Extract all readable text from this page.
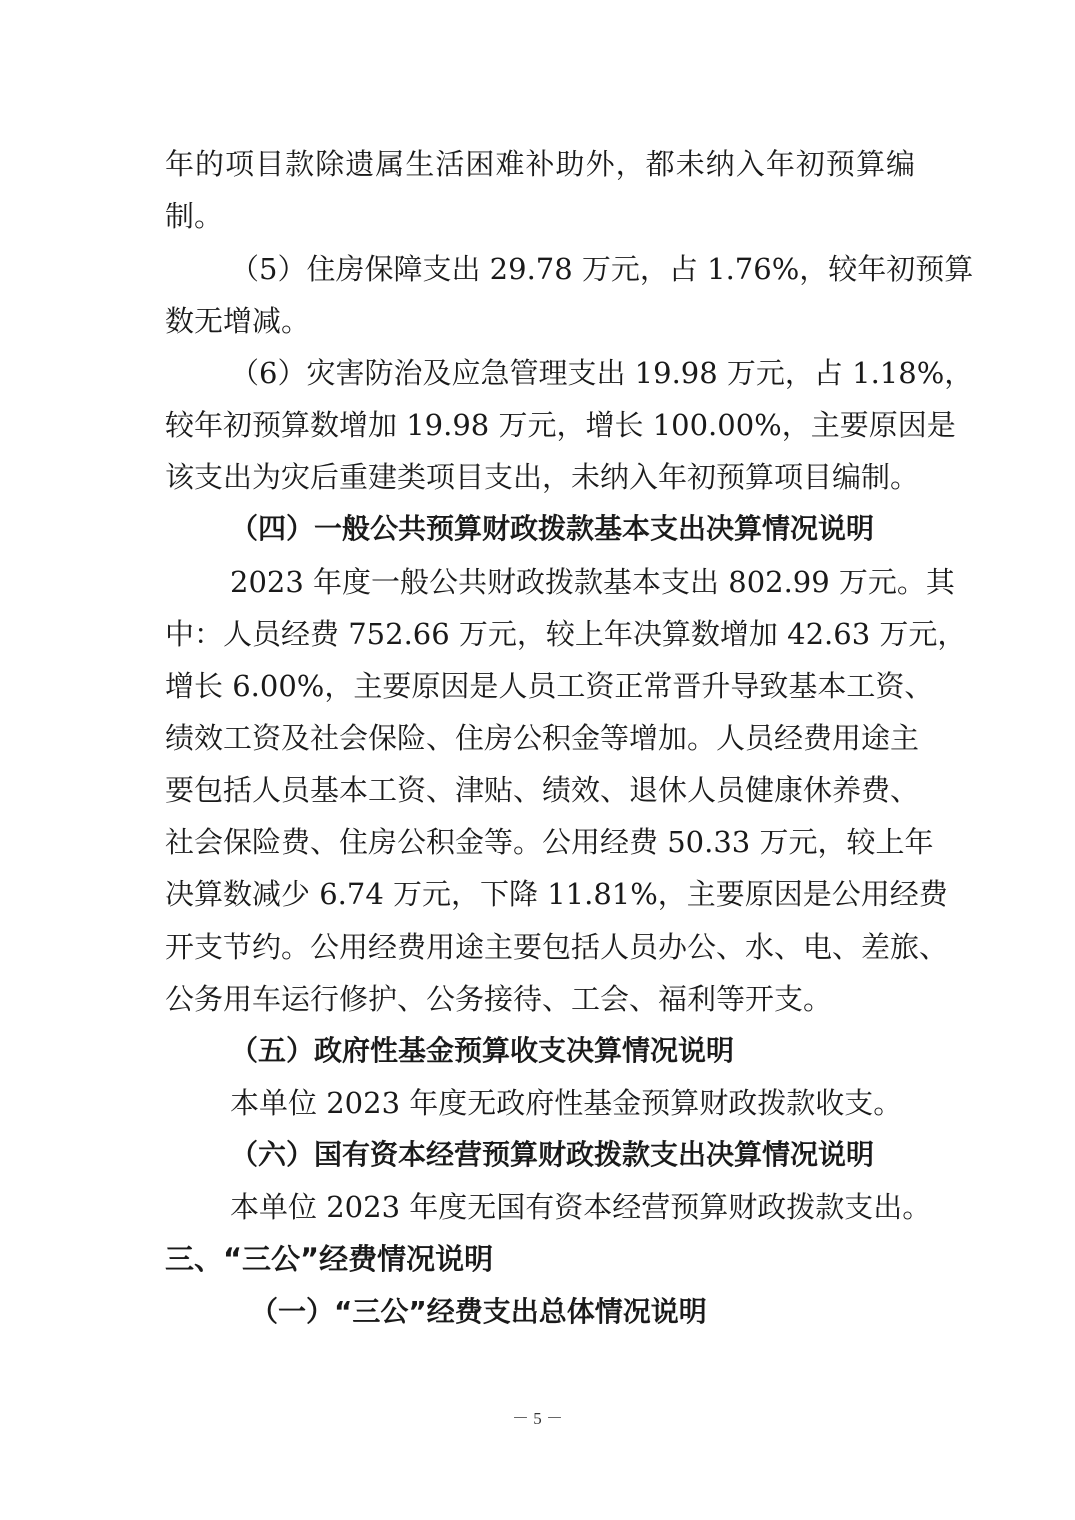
年的项目款除遗属生活困难补助外，都未纳入年初预算编
制。
（5）住房保障支出 29.78 万元，占 1.76%，较年初预算
数无增减。
（6）灾害防治及应急管理支出 19.98 万元，占 1.18%，
较年初预算数增加 19.98 万元，增长 100.00%，主要原因是
该支出为灾后重建类项目支出，未纳入年初预算项目编制。
（四）一般公共预算财政拨款基本支出决算情况说明
2023 年度一般公共财政拨款基本支出 802.99 万元。其
中：人员经费 752.66 万元，较上年决算数增加 42.63 万元，
增长 6.00%，主要原因是人员工资正常晋升导致基本工资、
绩效工资及社会保险、住房公积金等增加。人员经费用途主
要包括人员基本工资、津贴、绩效、退休人员健康休养费、
社会保险费、住房公积金等。公用经费 50.33 万元，较上年
决算数减少 6.74 万元，下降 11.81%，主要原因是公用经费
开支节约。公用经费用途主要包括人员办公、水、电、差旅、
公务用车运行修护、公务接待、工会、福利等开支。
（五）政府性基金预算收支决算情况说明
本单位 2023 年度无政府性基金预算财政拨款收支。
（六）国有资本经营预算财政拨款支出决算情况说明
本单位 2023 年度无国有资本经营预算财政拨款支出。
三、“三公”经费情况说明
（一）“三公”经费支出总体情况说明
－ 5 －
